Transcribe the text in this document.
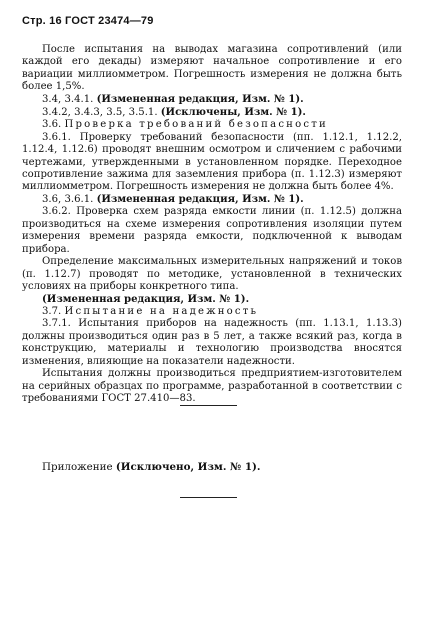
Стр. 16 ГОСТ 23474—79

После испытания на выводах магазина сопротивлений (или каждой его декады) измеряют начальное сопротивление и его вариации миллиомметром. Погрешность измерения не должна быть более 1,5%.

3.4, 3.4.1. (Измененная редакция, Изм. № 1).

3.4.2, 3.4.3, 3.5, 3.5.1. (Исключены, Изм. № 1).

3.6. Проверка требований безопасности

3.6.1. Проверку требований безопасности (пп. 1.12.1, 1.12.2, 1.12.4, 1.12.6) проводят внешним осмотром и сличением с рабочими чертежами, утвержденными в установленном порядке. Переходное сопротивление зажима для заземления прибора (п. 1.12.3) измеряют миллиомметром. Погрешность измерения не должна быть более 4%.

3.6, 3.6.1. (Измененная редакция, Изм. № 1).

3.6.2. Проверка схем разряда емкости линии (п. 1.12.5) должна производиться на схеме измерения сопротивления изоляции путем измерения времени разряда емкости, подключенной к выводам прибора.

Определение максимальных измерительных напряжений и токов (п. 1.12.7) проводят по методике, установленной в технических условиях на приборы конкретного типа.

(Измененная редакция, Изм. № 1).

3.7. Испытание на надежность

3.7.1. Испытания приборов на надежность (пп. 1.13.1, 1.13.3) должны производиться один раз в 5 лет, а также всякий раз, когда в конструкцию, материалы и технологию производства вносятся изменения, влияющие на показатели надежности.

Испытания должны производиться предприятием-изготовителем на серийных образцах по программе, разработанной в соответствии с требованиями ГОСТ 27.410—83.

Приложение (Исключено, Изм. № 1).
